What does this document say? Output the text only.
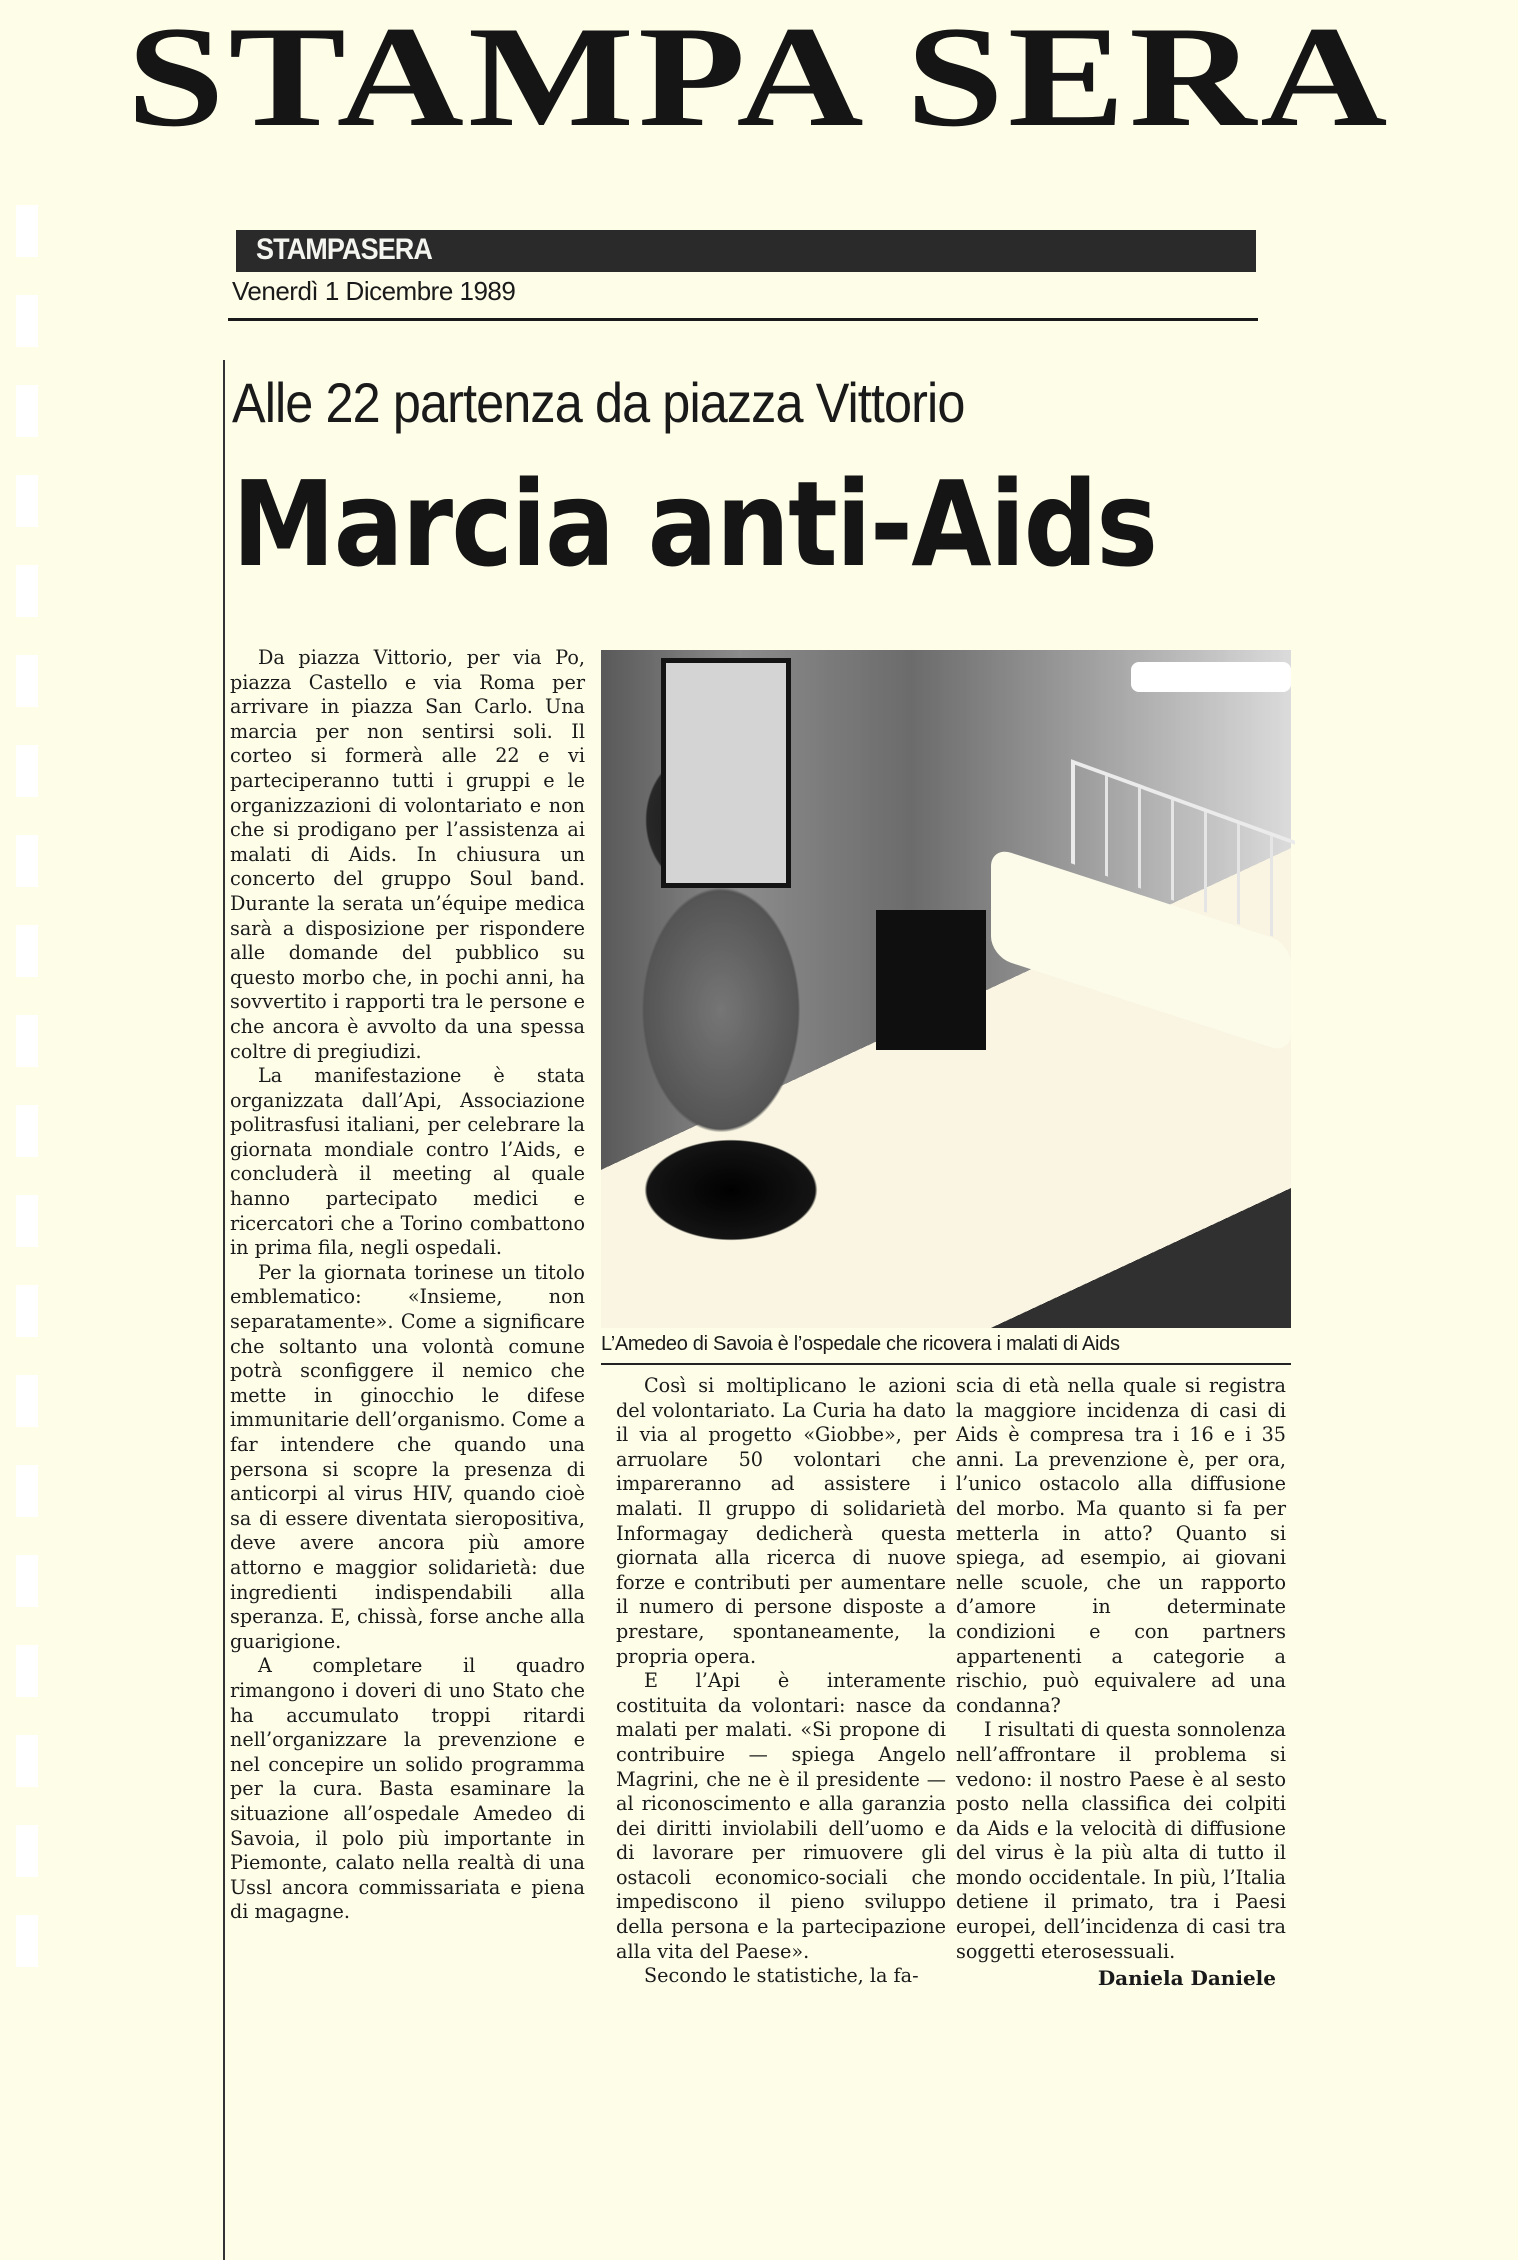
STAMPA SERA
STAMPASERA
Venerdì 1 Dicembre 1989
Alle 22 partenza da piazza Vittorio
Marcia anti-Aids

Da piazza Vittorio, per via Po, piazza Castello e via Roma per arrivare in piazza San Carlo. Una marcia per non sentirsi soli. Il corteo si formerà alle 22 e vi parteciperanno tutti i gruppi e le organizzazioni di volontariato e non che si prodigano per l’assistenza ai malati di Aids. In chiusura un concerto del gruppo Soul band. Durante la serata un’équipe medica sarà a disposizione per rispondere alle domande del pubblico su questo morbo che, in pochi anni, ha sovvertito i rapporti tra le persone e che ancora è avvolto da una spessa coltre di pregiudizi.

La manifestazione è stata organizzata dall’Api, Associazione politrasfusi italiani, per celebrare la giornata mondiale contro l’Aids, e concluderà il meeting al quale hanno partecipato medici e ricercatori che a Torino combattono in prima fila, negli ospedali.

Per la giornata torinese un titolo emblematico: «Insieme, non separatamente». Come a significare che soltanto una volontà comune potrà sconfiggere il nemico che mette in ginocchio le difese immunitarie dell’organismo. Come a far intendere che quando una persona si scopre la presenza di anticorpi al virus HIV, quando cioè sa di essere diventata sieropositiva, deve avere ancora più amore attorno e maggior solidarietà: due ingredienti indispendabili alla speranza. E, chissà, forse anche alla guarigione.

A completare il quadro rimangono i doveri di uno Stato che ha accumulato troppi ritardi nell’organizzare la prevenzione e nel concepire un solido programma per la cura. Basta esaminare la situazione all’ospedale Amedeo di Savoia, il polo più importante in Piemonte, calato nella realtà di una Ussl ancora commissariata e piena di magagne.

L’Amedeo di Savoia è l’ospedale che ricovera i malati di Aids

Così si moltiplicano le azioni del volontariato. La Curia ha dato il via al progetto «Giobbe», per arruolare 50 volontari che impareranno ad assistere i malati. Il gruppo di solidarietà Informagay dedicherà questa giornata alla ricerca di nuove forze e contributi per aumentare il numero di persone disposte a prestare, spontaneamente, la propria opera.

E l’Api è interamente costituita da volontari: nasce da malati per malati. «Si propone di contribuire — spiega Angelo Magrini, che ne è il presidente — al riconoscimento e alla garanzia dei diritti inviolabili dell’uomo e di lavorare per rimuovere gli ostacoli economico-sociali che impediscono il pieno sviluppo della persona e la partecipazione alla vita del Paese».

Secondo le statistiche, la fa-

scia di età nella quale si registra la maggiore incidenza di casi di Aids è compresa tra i 16 e i 35 anni. La prevenzione è, per ora, l’unico ostacolo alla diffusione del morbo. Ma quanto si fa per metterla in atto? Quanto si spiega, ad esempio, ai giovani nelle scuole, che un rapporto d’amore in determinate condizioni e con partners appartenenti a categorie a rischio, può equivalere ad una condanna?

I risultati di questa sonnolenza nell’affrontare il problema si vedono: il nostro Paese è al sesto posto nella classifica dei colpiti da Aids e la velocità di diffusione del virus è la più alta di tutto il mondo occidentale. In più, l’Italia detiene il primato, tra i Paesi europei, dell’incidenza di casi tra soggetti eterosessuali.

Daniela Daniele
